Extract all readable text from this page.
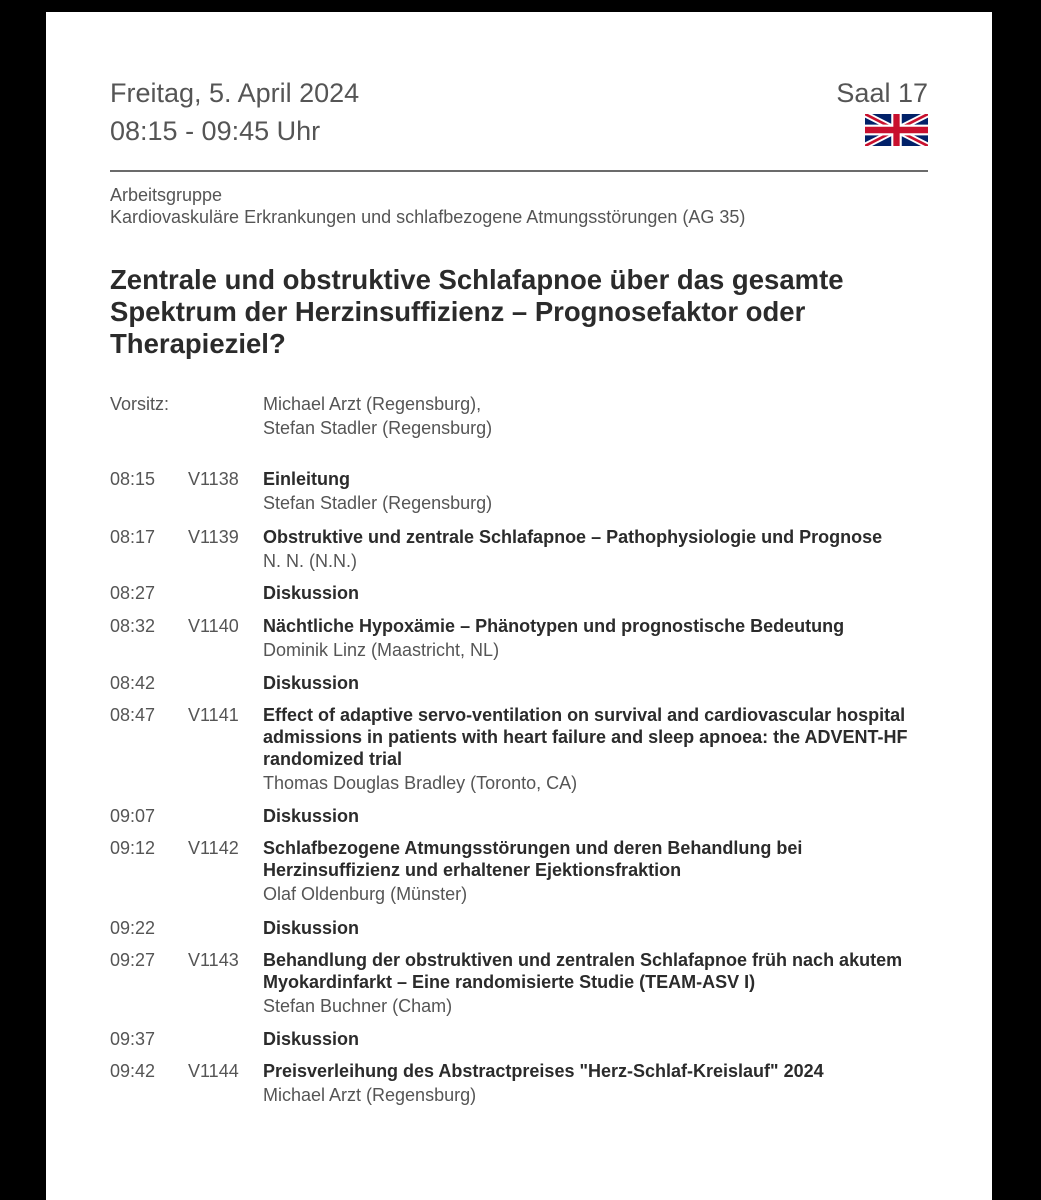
Freitag, 5. April 2024
08:15 - 09:45 Uhr
Saal 17
Arbeitsgruppe
Kardiovaskuläre Erkrankungen und schlafbezogene Atmungsstörungen (AG 35)
Zentrale und obstruktive Schlafapnoe über das gesamte Spektrum der Herzinsuffizienz – Prognosefaktor oder Therapieziel?
Vorsitz:	Michael Arzt (Regensburg),
Stefan Stadler (Regensburg)
08:15 V1138 Einleitung
Stefan Stadler (Regensburg)
08:17 V1139 Obstruktive und zentrale Schlafapnoe – Pathophysiologie und Prognose
N. N. (N.N.)
08:27	Diskussion
08:32 V1140 Nächtliche Hypoxämie – Phänotypen und prognostische Bedeutung
Dominik Linz (Maastricht, NL)
08:42	Diskussion
08:47 V1141 Effect of adaptive servo-ventilation on survival and cardiovascular hospital admissions in patients with heart failure and sleep apnoea: the ADVENT-HF randomized trial
Thomas Douglas Bradley (Toronto, CA)
09:07	Diskussion
09:12 V1142 Schlafbezogene Atmungsstörungen und deren Behandlung bei Herzinsuffizienz und erhaltener Ejektionsfraktion
Olaf Oldenburg (Münster)
09:22	Diskussion
09:27 V1143 Behandlung der obstruktiven und zentralen Schlafapnoe früh nach akutem Myokardinfarkt – Eine randomisierte Studie (TEAM-ASV I)
Stefan Buchner (Cham)
09:37	Diskussion
09:42 V1144 Preisverleihung des Abstractpreises "Herz-Schlaf-Kreislauf" 2024
Michael Arzt (Regensburg)
